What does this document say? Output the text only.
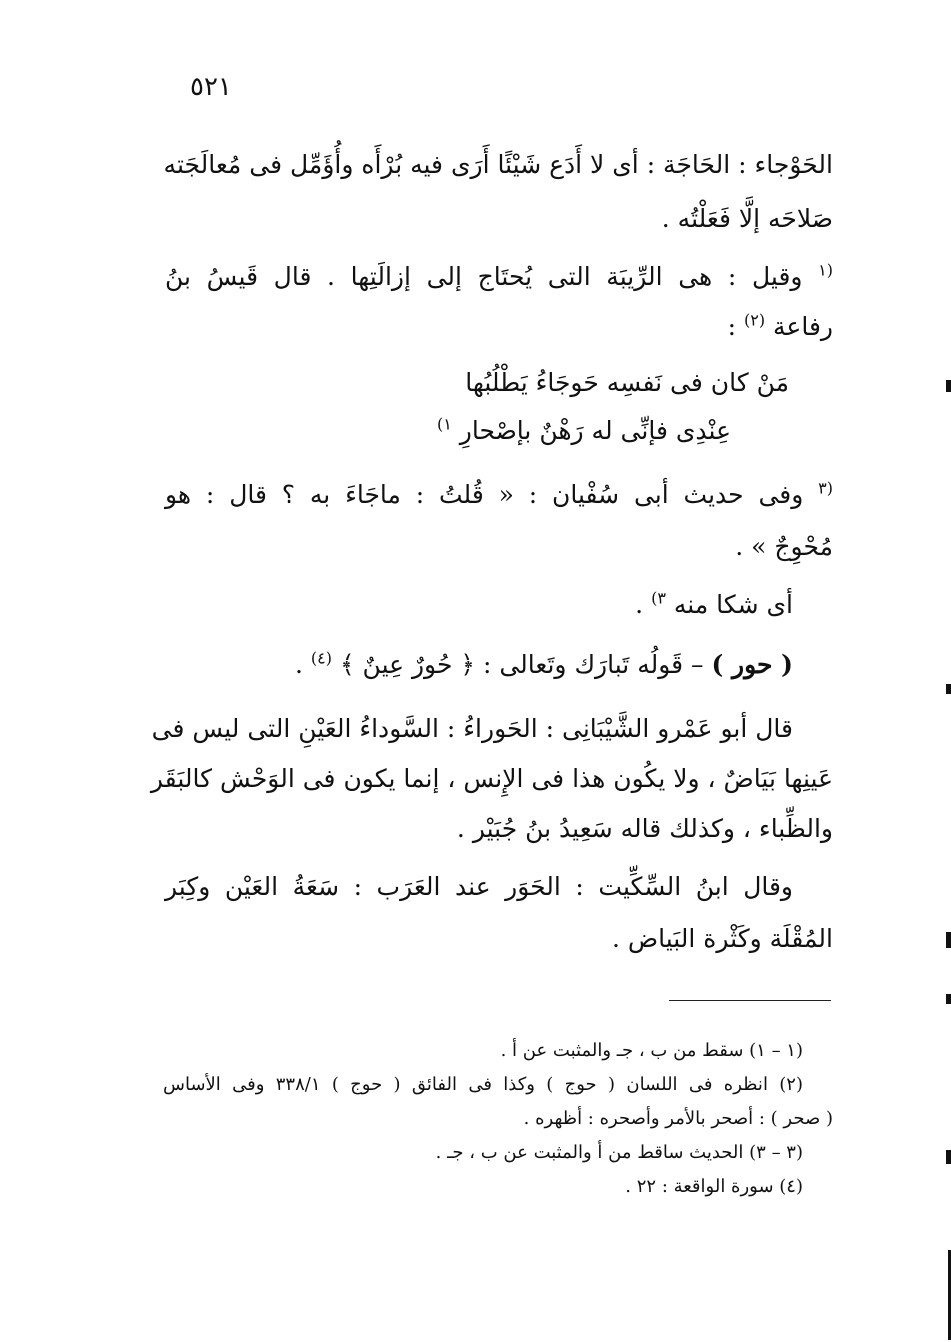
٥٢١
الحَوْجاء : الحَاجَة : أى لا أَدَع شَيْئًا أَرَى فيه بُرْأَه وأُؤَمِّل فى مُعالَجَته
صَلاحَه إلَّا فَعَلْتُه .
$^{(١}$ وقيل : هى الرِّيبَة التى يُحتَاج إلى إزالَتِها . قال قَيسُ بنُ
رفاعة $^{(٢)}$ :
مَنْ كان فى نَفسِه حَوجَاءُ يَطْلُبُها
عِنْدِى فإنِّى له رَهْنٌ بإصْحارِ $^{١)}$
$^{(٣}$ وفى حديث أبى سُفْيان : « قُلتُ : ماجَاءَ به ؟ قال : هو
مُحْوِجٌ » .
أى شكا منه $^{٣)}$ .
( حور ) – قَولُه تَبارَك وتَعالى : ﴿ حُورٌ عِينٌ ﴾ $^{(٤)}$ .
قال أبو عَمْرو الشَّيْبَانِى : الحَوراءُ : السَّوداءُ العَيْنِ التى ليس فى
عَينِها بَيَاضٌ ، ولا يكُون هذا فى الإِنس ، إنما يكون فى الوَحْش كالبَقَر
والظِّباء ، وكذلك قاله سَعِيدُ بنُ جُبَيْر .
وقال ابنُ السِّكِّيت : الحَوَر عند العَرَب : سَعَةُ العَيْن وكِبَر
المُقْلَة وكَثْرة البَياض .
(١ – ١) سقط من ب ، جـ والمثبت عن أ .
(٢) انظره فى اللسان ( حوج ) وكذا فى الفائق ( حوج ) ٣٣٨/١ وفى الأساس
( صحر ) : أصحر بالأمر وأصحره : أظهره .
(٣ – ٣) الحديث ساقط من أ والمثبت عن ب ، جـ .
(٤) سورة الواقعة : ٢٢ .
